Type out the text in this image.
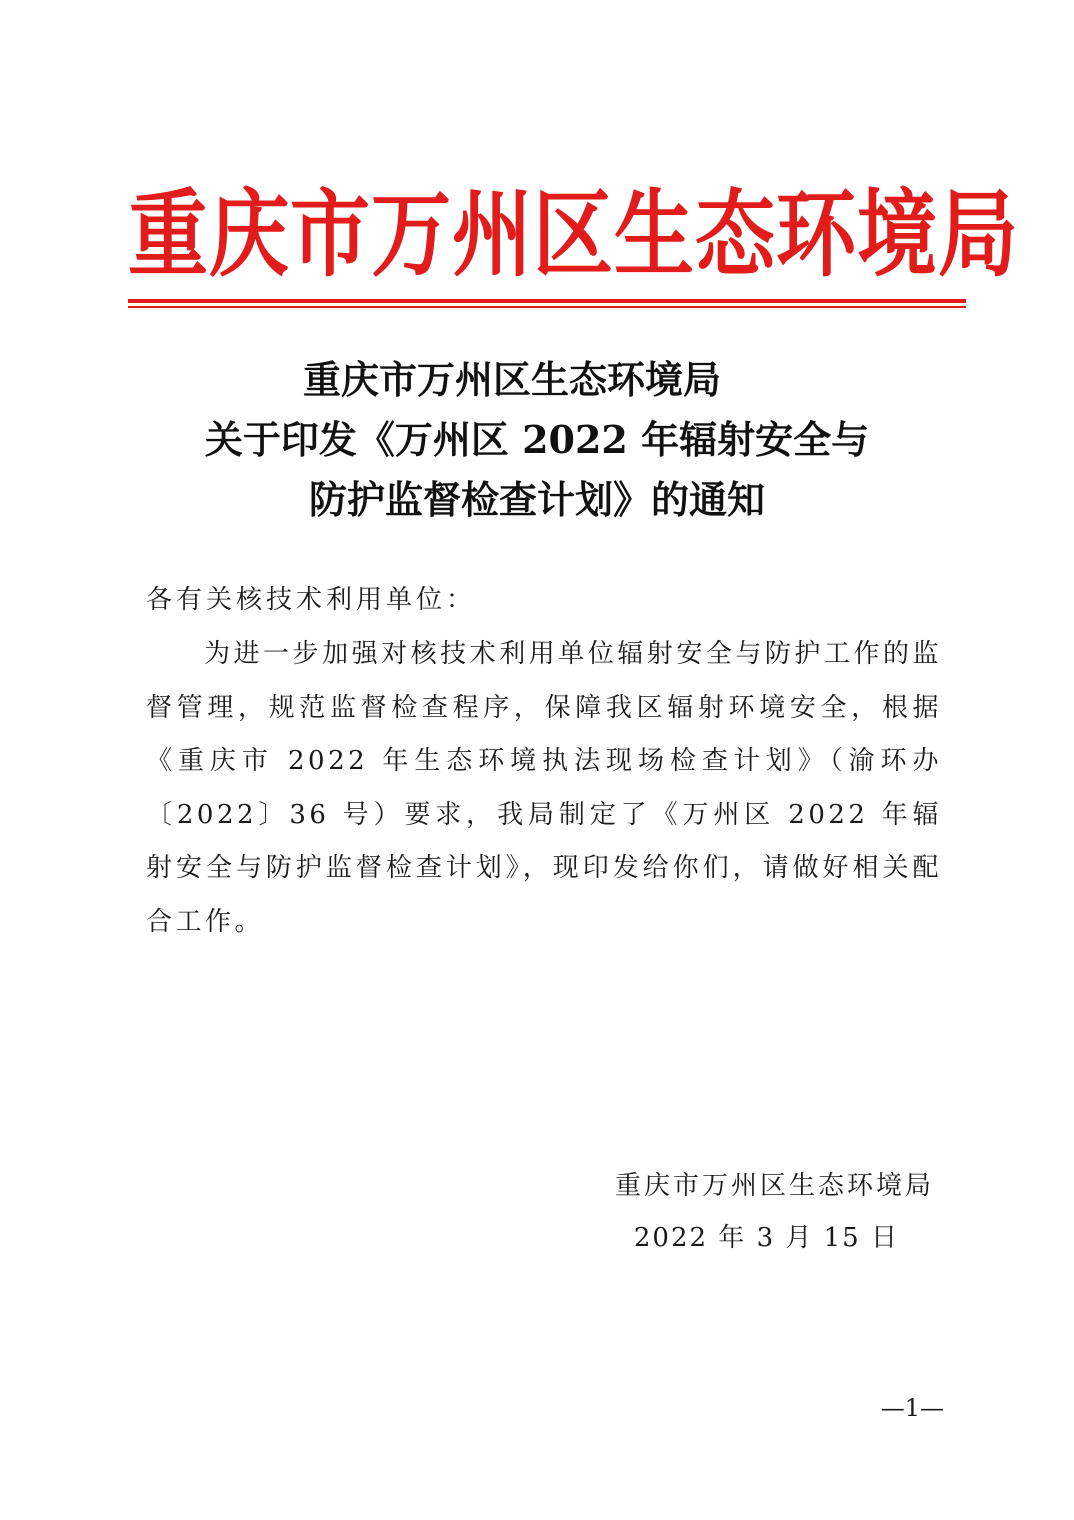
重庆市万州区生态环境局
重庆市万州区生态环境局
关于印发《万州区 2022 年辐射安全与
防护监督检查计划》的通知
各有关核技术利用单位：
为进一步加强对核技术利用单位辐射安全与防护工作的监督管理，规范监督检查程序，保障我区辐射环境安全，根据《重庆市 2022 年生态环境执法现场检查计划》（渝环办〔2022〕36 号）要求，我局制定了《万州区 2022 年辐射安全与防护监督检查计划》，现印发给你们，请做好相关配合工作。
重庆市万州区生态环境局
2022 年 3 月 15 日
—1—
